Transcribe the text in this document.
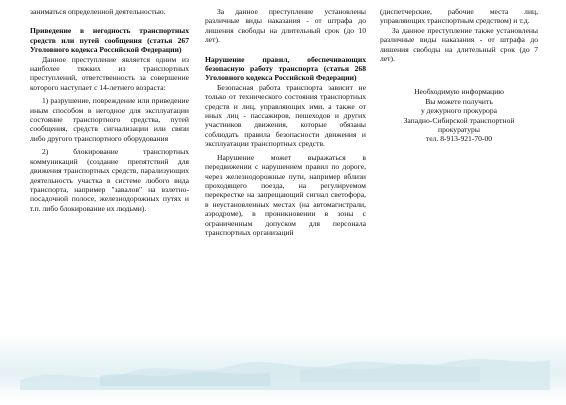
заниматься определенной деятельностью.

Приведение в негодность транспортных средств или путей сообщения (статья 267 Уголовного кодекса Российской Федерации)

Данное преступление является одним из наиболее тяжких из транспортных преступлений, ответственность за совершение которого наступает с 14-летнего возраста:

1) разрушение, повреждение или приведение иным способом в негодное для эксплуатации состояние транспортного средства, путей сообщения, средств сигнализации или связи либо другого транспортного оборудования

2) блокирование транспортных коммуникаций (создание препятствий для движения транспортных средств, парализующих деятельность участка в системе любого вида транспорта, например "завалов" на взлетно-посадочной полосе, железнодорожных путях и т.п. либо блокирование их людьми).

За данное преступление установлены различные виды наказания - от штрафа до лишения свободы на длительный срок (до 10 лет).

Нарушение правил, обеспечивающих безопасную работу транспорта (статья 268 Уголовного кодекса Российской Федерации)

Безопасная работа транспорта зависит не только от технического состояния транспортных средств и лиц, управляющих ими, а также от иных лиц - пассажиров, пешеходов и других участников движения, которые обязаны соблюдать правила безопасности движения и эксплуатации транспортных средств.

Нарушение может выражаться в передвижении с нарушением правил по дороге, через железнодорожные пути, например вблизи проходящего поезда, на регулируемом перекрестке на запрещающий сигнал светофора, в неустановленных местах (на автомагистрали, аэродроме), в проникновении в зоны с ограниченным допуском для персонала транспортных организаций

(диспетчерские, рабочие места лиц, управляющих транспортным средством) и т.д.

За данное преступление также установлены различные виды наказания - от штрафа до лишения свободы на длительный срок (до 7 лет).

Необходимую информацию

Вы можете получить

у дежурного прокурора

Западно-Сибирской транспортной

прокуратуры

тел. 8-913-921-70-00
